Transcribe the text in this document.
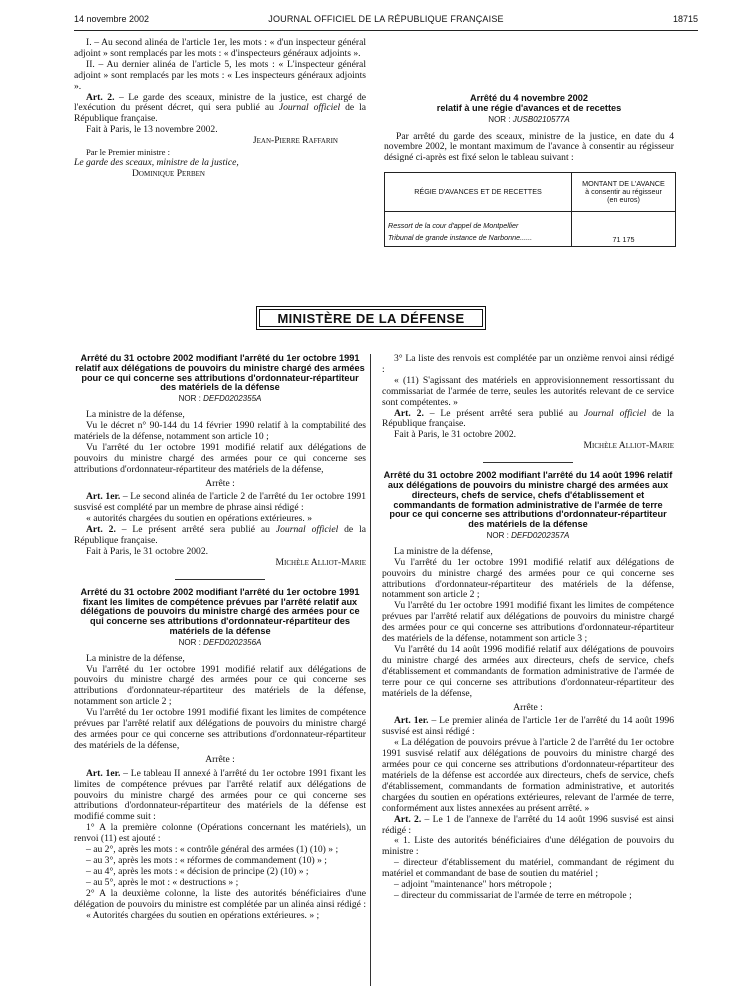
14 novembre 2002	JOURNAL OFFICIEL DE LA RÉPUBLIQUE FRANÇAISE	18715

I. – Au second alinéa de l'article 1er, les mots : « d'un inspecteur général adjoint » sont remplacés par les mots : « d'inspecteurs généraux adjoints ».

II. – Au dernier alinéa de l'article 5, les mots : « L'inspecteur général adjoint » sont remplacés par les mots : « Les inspecteurs généraux adjoints ».

Art. 2. – Le garde des sceaux, ministre de la justice, est chargé de l'exécution du présent décret, qui sera publié au Journal officiel de la République française.

Fait à Paris, le 13 novembre 2002.

Jean-Pierre Raffarin

Par le Premier ministre :

Le garde des sceaux, ministre de la justice,

Dominique Perben

Arrêté du 4 novembre 2002
relatif à une régie d'avances et de recettes
NOR : JUSB0210577A

Par arrêté du garde des sceaux, ministre de la justice, en date du 4 novembre 2002, le montant maximum de l'avance à consentir au régisseur désigné ci-après est fixé selon le tableau suivant :

RÉGIE D'AVANCES ET DE RECETTES	MONTANT DE L'AVANCE
à consentir au régisseur
(en euros)
Ressort de la cour d'appel de Montpellier
Tribunal de grande instance de Narbonne......	71 175
MINISTÈRE DE LA DÉFENSE
Arrêté du 31 octobre 2002 modifiant l'arrêté du 1er octobre 1991 relatif aux délégations de pouvoirs du ministre chargé des armées pour ce qui concerne ses attributions d'ordonnateur-répartiteur des matériels de la défense
NOR : DEFD0202355A

La ministre de la défense,

Vu le décret n° 90-144 du 14 février 1990 relatif à la comptabilité des matériels de la défense, notamment son article 10 ;

Vu l'arrêté du 1er octobre 1991 modifié relatif aux délégations de pouvoirs du ministre chargé des armées pour ce qui concerne ses attributions d'ordonnateur-répartiteur des matériels de la défense,

Arrête :

Art. 1er. – Le second alinéa de l'article 2 de l'arrêté du 1er octobre 1991 susvisé est complété par un membre de phrase ainsi rédigé :

« autorités chargées du soutien en opérations extérieures. »

Art. 2. – Le présent arrêté sera publié au Journal officiel de la République française.

Fait à Paris, le 31 octobre 2002.

Michèle Alliot-Marie

Arrêté du 31 octobre 2002 modifiant l'arrêté du 1er octobre 1991 fixant les limites de compétence prévues par l'arrêté relatif aux délégations de pouvoirs du ministre chargé des armées pour ce qui concerne ses attributions d'ordonnateur-répartiteur des matériels de la défense
NOR : DEFD0202356A

La ministre de la défense,

Vu l'arrêté du 1er octobre 1991 modifié relatif aux délégations de pouvoirs du ministre chargé des armées pour ce qui concerne ses attributions d'ordonnateur-répartiteur des matériels de la défense, notamment son article 2 ;

Vu l'arrêté du 1er octobre 1991 modifié fixant les limites de compétence prévues par l'arrêté relatif aux délégations de pouvoirs du ministre chargé des armées pour ce qui concerne ses attributions d'ordonnateur-répartiteur des matériels de la défense,

Arrête :

Art. 1er. – Le tableau II annexé à l'arrêté du 1er octobre 1991 fixant les limites de compétence prévues par l'arrêté relatif aux délégations de pouvoirs du ministre chargé des armées pour ce qui concerne ses attributions d'ordonnateur-répartiteur des matériels de la défense est modifié comme suit :

1° A la première colonne (Opérations concernant les matériels), un renvoi (11) est ajouté :

– au 2°, après les mots : « contrôle général des armées (1) (10) » ;

– au 3°, après les mots : « réformes de commandement (10) » ;

– au 4°, après les mots : « décision de principe (2) (10) » ;

– au 5°, après le mot : « destructions » ;

2° A la deuxième colonne, la liste des autorités bénéficiaires d'une délégation de pouvoirs du ministre est complétée par un alinéa ainsi rédigé :

« Autorités chargées du soutien en opérations extérieures. » ;

3° La liste des renvois est complétée par un onzième renvoi ainsi rédigé :

« (11) S'agissant des matériels en approvisionnement ressortissant du commissariat de l'armée de terre, seules les autorités relevant de ce service sont compétentes. »

Art. 2. – Le présent arrêté sera publié au Journal officiel de la République française.

Fait à Paris, le 31 octobre 2002.

Michèle Alliot-Marie

Arrêté du 31 octobre 2002 modifiant l'arrêté du 14 août 1996 relatif aux délégations de pouvoirs du ministre chargé des armées aux directeurs, chefs de service, chefs d'établissement et commandants de formation administrative de l'armée de terre pour ce qui concerne ses attributions d'ordonnateur-répartiteur des matériels de la défense
NOR : DEFD0202357A

La ministre de la défense,

Vu l'arrêté du 1er octobre 1991 modifié relatif aux délégations de pouvoirs du ministre chargé des armées pour ce qui concerne ses attributions d'ordonnateur-répartiteur des matériels de la défense, notamment son article 2 ;

Vu l'arrêté du 1er octobre 1991 modifié fixant les limites de compétence prévues par l'arrêté relatif aux délégations de pouvoirs du ministre chargé des armées pour ce qui concerne ses attributions d'ordonnateur-répartiteur des matériels de la défense, notamment son article 3 ;

Vu l'arrêté du 14 août 1996 modifié relatif aux délégations de pouvoirs du ministre chargé des armées aux directeurs, chefs de service, chefs d'établissement et commandants de formation administrative de l'armée de terre pour ce qui concerne ses attributions d'ordonnateur-répartiteur des matériels de la défense,

Arrête :

Art. 1er. – Le premier alinéa de l'article 1er de l'arrêté du 14 août 1996 susvisé est ainsi rédigé :

« La délégation de pouvoirs prévue à l'article 2 de l'arrêté du 1er octobre 1991 susvisé relatif aux délégations de pouvoirs du ministre chargé des armées pour ce qui concerne ses attributions d'ordonnateur-répartiteur des matériels de la défense est accordée aux directeurs, chefs de service, chefs d'établissement, commandants de formation administrative, et autorités chargées du soutien en opérations extérieures, relevant de l'armée de terre, conformément aux listes annexées au présent arrêté. »

Art. 2. – Le 1 de l'annexe de l'arrêté du 14 août 1996 susvisé est ainsi rédigé :

« 1. Liste des autorités bénéficiaires d'une délégation de pouvoirs du ministre :

– directeur d'établissement du matériel, commandant de régiment du matériel et commandant de base de soutien du matériel ;

– adjoint "maintenance" hors métropole ;

– directeur du commissariat de l'armée de terre en métropole ;
